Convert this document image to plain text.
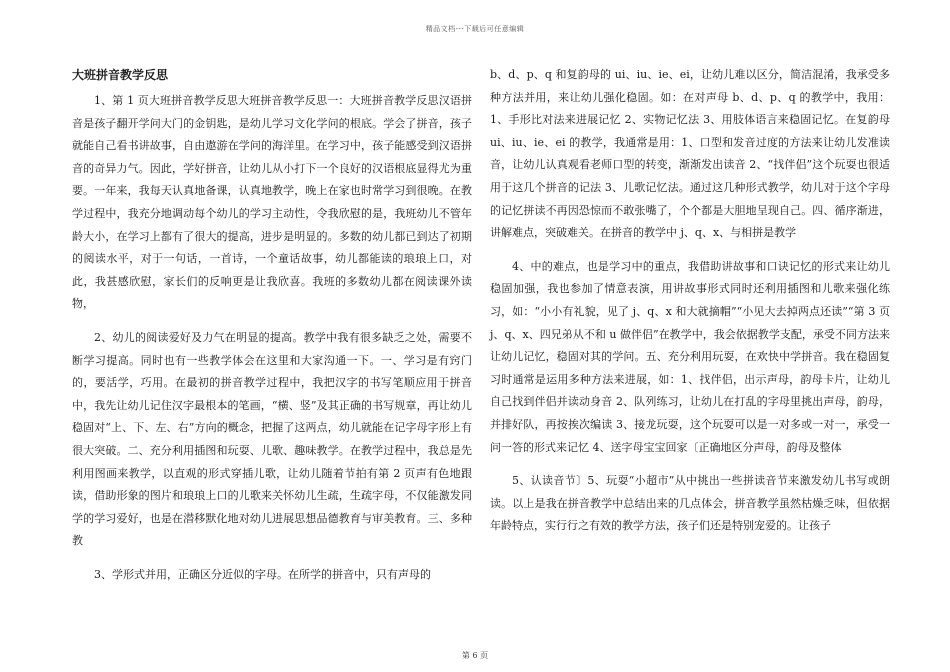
精品文档---下载后可任意编辑
大班拼音教学反思

1、第 1 页大班拼音教学反思大班拼音教学反思一：大班拼音教学反思汉语拼音是孩子翻开学问大门的金钥匙，是幼儿学习文化学问的根底。学会了拼音，孩子就能自己看书讲故事，自由遨游在学问的海洋里。在学习中，孩子能感受到汉语拼音的奇异力气。因此，学好拼音，让幼儿从小打下一个良好的汉语根底显得尤为重要。一年来，我每天认真地备课，认真地教学，晚上在家也时常学习到很晚。在教学过程中，我充分地调动每个幼儿的学习主动性，令我欣慰的是，我班幼儿不管年龄大小，在学习上都有了很大的提高，进步是明显的。多数的幼儿都已到达了初期的阅读水平，对于一句话，一首诗，一个童话故事，幼儿都能读的琅琅上口，对此，我甚感欣慰，家长们的反响更是让我欣喜。我班的多数幼儿都在阅读课外读物，

2、幼儿的阅读爱好及力气在明显的提高。教学中我有很多缺乏之处，需要不断学习提高。同时也有一些教学体会在这里和大家沟通一下。一、学习是有窍门的，要活学，巧用。在最初的拼音教学过程中，我把汉字的书写笔顺应用于拼音中，我先让幼儿记住汉字最根本的笔画，“横、竖”及其正确的书写规章，再让幼儿稳固对“上、下、左、右”方向的概念，把握了这两点，幼儿就能在记字母字形上有很大突破。二、充分利用插图和玩耍、儿歌、趣味教学。在教学过程中，我总是先利用图画来教学，以直观的形式穿插儿歌，让幼儿随着节拍有第 2 页声有色地跟读，借助形象的图片和琅琅上口的儿歌来关怀幼儿生疏，生疏字母，不仅能激发同学的学习爱好，也是在潜移默化地对幼儿进展思想品德教育与审美教育。三、多种教

3、学形式并用，正确区分近似的字母。在所学的拼音中，只有声母的

b、d、p、q 和复韵母的 ui、iu、ie、ei，让幼儿难以区分，简洁混淆，我承受多种方法并用，来让幼儿强化稳固。如：在对声母 b、d、p、q 的教学中，我用：1、手形比对法来进展记忆 2、实物记忆法 3、用肢体语言来稳固记忆。在复韵母 ui、iu、ie、ei 的教学，我通常是用：1、口型和发音过度的方法来让幼儿发准读音，让幼儿认真观看老师口型的转变，渐渐发出读音 2、“找伴侣”这个玩耍也很适用于这几个拼音的记法 3、儿歌记忆法。通过这几种形式教学，幼儿对于这个字母的记忆拼读不再因恐惊而不敢张嘴了，个个都是大胆地呈现自己。四、循序渐进，讲解难点，突破难关。在拼音的教学中 j、q、x、与相拼是教学

4、中的难点，也是学习中的重点，我借助讲故事和口诀记忆的形式来让幼儿稳固加强，我也参加了情意表演，用讲故事形式同时还利用插图和儿歌来强化练习，如：“小小有礼貌，见了 j、q、x 和大就摘帽”“小见大去掉两点还读”“第 3 页 j、q、x、四兄弟从不和 u 做伴侣”在教学中，我会依据教学支配，承受不同方法来让幼儿记忆，稳固对其的学问。五、充分利用玩耍，在欢快中学拼音。我在稳固复习时通常是运用多种方法来进展，如：1、找伴侣，出示声母，韵母卡片，让幼儿自己找到伴侣并读动身音 2、队列练习，让幼儿在打乱的字母里挑出声母，韵母，并排好队，再按挨次编读 3、接龙玩耍，这个玩耍可以是一对多或一对一，承受一问一答的形式来记忆 4、送字母宝宝回家〔正确地区分声母，韵母及整体

5、认读音节〕5、玩耍“小超市”从中挑出一些拼读音节来激发幼儿书写或朗读。以上是我在拼音教学中总结出来的几点体会，拼音教学虽然枯燥乏味，但依据年龄特点，实行行之有效的教学方法，孩子们还是特别宠爱的。让孩子

第 6 页
